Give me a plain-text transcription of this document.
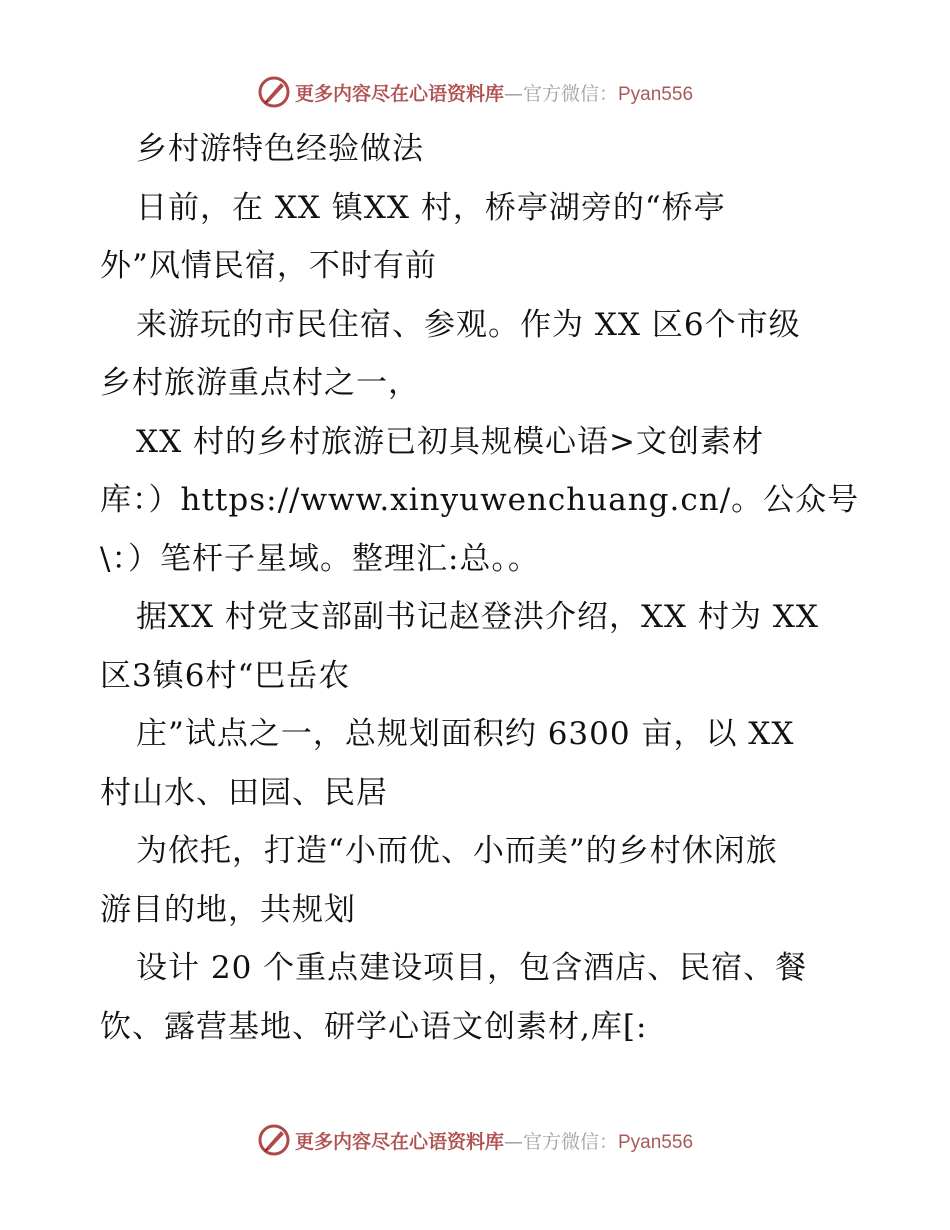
更多内容尽在心语资料库—官方微信：Pyan556
乡村游特色经验做法
日前，在 XX 镇XX 村，桥亭湖旁的“桥亭
外”风情民宿，不时有前
来游玩的市民住宿、参观。作为 XX 区6个市级
乡村旅游重点村之一，
XX 村的乡村旅游已初具规模心语>文创素材
库：）https://www.xinyuwenchuang.cn/。公众号
\：）笔杆子星域。整理汇:总。。
据XX 村党支部副书记赵登洪介绍，XX 村为 XX
区3镇6村“巴岳农
庄”试点之一，总规划面积约 6300 亩，以 XX
村山水、田园、民居
为依托，打造“小而优、小而美”的乡村休闲旅
游目的地，共规划
设计 20 个重点建设项目，包含酒店、民宿、餐
饮、露营基地、研学心语文创素材,库[:
更多内容尽在心语资料库—官方微信：Pyan556
